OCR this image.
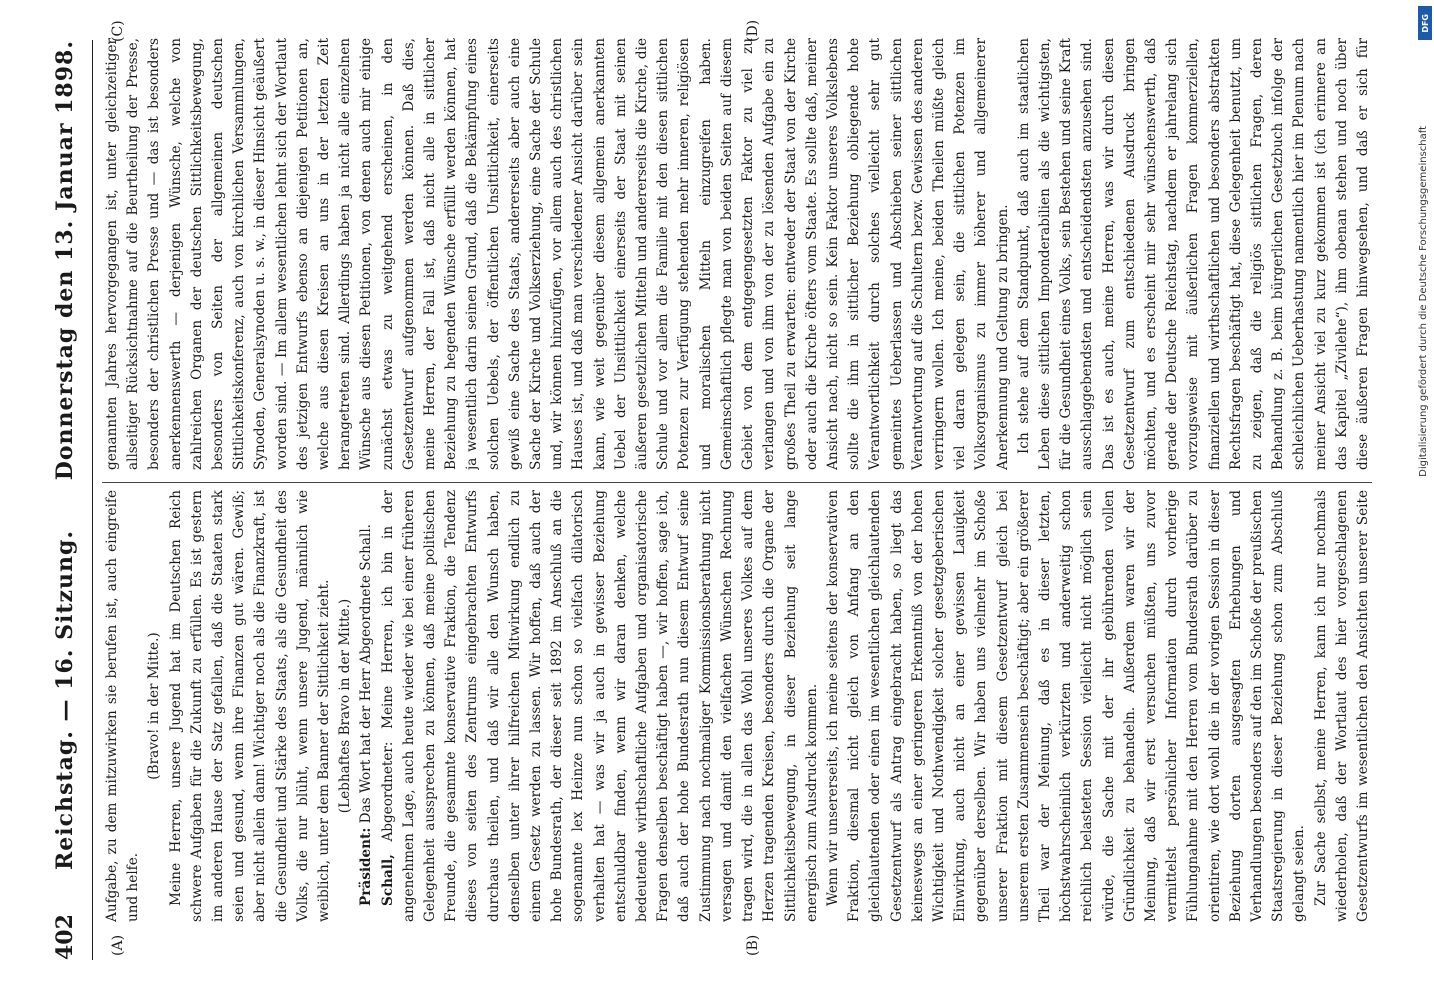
402
Reichstag. — 16. Sitzung.
Donnerstag den 13. Januar 1898.
(A)	(B)
(C)	(D)

Aufgabe, zu dem mitzuwirken sie berufen ist, auch eingreife und helfe.

(Bravo! in der Mitte.) Meine Herren, unsere Jugend hat im Deutschen Reich schwere Aufgaben für die Zukunft zu erfüllen. Es ist gestern im anderen Hause der Satz gefallen, daß die Staaten stark seien und gesund, wenn ihre Finanzen gut wären. Gewiß; aber nicht allein dann! Wichtiger noch als die Finanzkraft, ist die Gesundheit und Stärke des Staats, als die Gesundheit des Volks, die nur blüht, wenn unsere Jugend, männlich wie weiblich, unter dem Banner der Sittlichkeit zieht. (Lebhaftes Bravo in der Mitte.)

Präsident: Das Wort hat der Herr Abgeordnete Schall.

Schall, Abgeordneter: Meine Herren, ich bin in der angenehmen Lage, auch heute wieder wie bei einer früheren Gelegenheit aussprechen zu können, daß meine politischen Freunde, die gesammte konservative Fraktion, die Tendenz dieses von seiten des Zentrums eingebrachten Entwurfs durchaus theilen, und daß wir alle den Wunsch haben, denselben unter ihrer hilfreichen Mitwirkung endlich zu einem Gesetz werden zu lassen. Wir hoffen, daß auch der hohe Bundesrath, der dieser seit 1892 im Anschluß an die sogenannte lex Heinze nun schon so vielfach dilatorisch verhalten hat — was wir ja auch in gewisser Beziehung entschuldbar finden, wenn wir daran denken, welche bedeutende wirthschaftliche Aufgaben und organisatorische Fragen denselben beschäftigt haben —, wir hoffen, sage ich, daß auch der hohe Bundesrath nun diesem Entwurf seine Zustimmung nach nochmaliger Kommissionsberathung nicht versagen und damit den vielfachen Wünschen Rechnung tragen wird, die in allen das Wohl unseres Volkes auf dem Herzen tragenden Kreisen, besonders durch die Organe der Sittlichkeitsbewegung, in dieser Beziehung seit lange energisch zum Ausdruck kommen. Wenn wir unsererseits, ich meine seitens der konservativen Fraktion, diesmal nicht gleich von Anfang an den gleichlautenden oder einen im wesentlichen gleichlautenden Gesetzentwurf als Antrag eingebracht haben, so liegt das keineswegs an einer geringeren Erkenntniß von der hohen Wichtigkeit und Nothwendigkeit solcher gesetzgeberischen Einwirkung, auch nicht an einer gewissen Lauigkeit gegenüber derselben. Wir haben uns vielmehr im Schoße unserer Fraktion mit diesem Gesetzentwurf gleich bei unserem ersten Zusammensein beschäftigt; aber ein größerer Theil war der Meinung, daß es in dieser letzten, höchstwahrscheinlich verkürzten und anderweitig schon reichlich belasteten Session vielleicht nicht möglich sein würde, die Sache mit der ihr gebührenden vollen Gründlichkeit zu behandeln. Außerdem waren wir der Meinung, daß wir erst versuchen müßten, uns zuvor vermittelst persönlicher Information durch vorherige Fühlungnahme mit den Herren vom Bundesrath darüber zu orientiren, wie dort wohl die in der vorigen Session in dieser Beziehung dorten ausgesagten Erhebungen und Verhandlungen besonders auf den im Schoße der preußischen Staatsregierung in dieser Beziehung schon zum Abschluß gelangt seien. Zur Sache selbst, meine Herren, kann ich nur nochmals wiederholen, daß der Wortlaut des hier vorgeschlagenen Gesetzentwurfs im wesentlichen den Ansichten unserer Seite

genannten Jahres hervorgegangen ist, unter gleichzeitiger allseitiger Rücksichtnahme auf die Beurtheilung der Presse, besonders der christlichen Presse und — das ist besonders anerkennenswerth — derjenigen Wünsche, welche von zahlreichen Organen der deutschen Sittlichkeitsbewegung, besonders von Seiten der allgemeinen deutschen Sittlichkeitskonferenz, auch von kirchlichen Versammlungen, Synoden, Generalsynoden u. s. w., in dieser Hinsicht geäußert worden sind. — Im allem wesentlichen lehnt sich der Wortlaut des jetzigen Entwurfs ebenso an diejenigen Petitionen an, welche aus diesen Kreisen an uns in der letzten Zeit herangetreten sind. Allerdings haben ja nicht alle einzelnen Wünsche aus diesen Petitionen, von denen auch mir einige zunächst etwas zu weitgehend erscheinen, in den Gesetzentwurf aufgenommen werden können. Daß dies, meine Herren, der Fall ist, daß nicht alle in sittlicher Beziehung zu hegenden Wünsche erfüllt werden können, hat ja wesentlich darin seinen Grund, daß die Bekämpfung eines solchen Uebels, der öffentlichen Unsittlichkeit, einerseits gewiß eine Sache des Staats, andererseits aber auch eine Sache der Kirche und Volkserziehung, eine Sache der Schule und, wir können hinzufügen, vor allem auch des christlichen Hauses ist, und daß man verschiedener Ansicht darüber sein kann, wie weit gegenüber diesem allgemein anerkannten Uebel der Unsittlichkeit einerseits der Staat mit seinen äußeren gesetzlichen Mitteln und andererseits die Kirche, die Schule und vor allem die Familie mit den diesen sittlichen Potenzen zur Verfügung stehenden mehr inneren, religiösen und moralischen Mitteln einzugreifen haben. Gemeinschaftlich pflegte man von beiden Seiten auf diesem Gebiet von dem entgegengesetzten Faktor zu viel zu verlangen und von ihm von der zu lösenden Aufgabe ein zu großes Theil zu erwarten: entweder der Staat von der Kirche oder auch die Kirche öfters vom Staate. Es sollte daß, meiner Ansicht nach, nicht so sein. Kein Faktor unseres Volkslebens sollte die ihm in sittlicher Beziehung obliegende hohe Verantwortlichkeit durch solches vielleicht sehr gut gemeintes Ueberlassen und Abschieben seiner sittlichen Verantwortung auf die Schultern bezw. Gewissen des anderen verringern wollen. Ich meine, beiden Theilen müßte gleich viel daran gelegen sein, die sittlichen Potenzen im Volksorganismus zu immer höherer und allgemeinerer Anerkennung und Geltung zu bringen. Ich stehe auf dem Standpunkt, daß auch im staatlichen Leben diese sittlichen Imponderabilien als die wichtigsten, für die Gesundheit eines Volks, sein Bestehen und seine Kraft ausschlaggebendsten und entscheidendsten anzusehen sind. Das ist es auch, meine Herren, was wir durch diesen Gesetzentwurf zum entschiedenen Ausdruck bringen möchten, und es erscheint mir sehr wünschenswerth, daß gerade der Deutsche Reichstag, nachdem er jahrelang sich vorzugsweise mit äußerlichen Fragen kommerziellen, finanziellen und wirthschaftlichen und besonders abstrakten Rechtsfragen beschäftigt hat, diese Gelegenheit benutzt, um zu zeigen, daß die religiös sittlichen Fragen, deren Behandlung z. B. beim bürgerlichen Gesetzbuch infolge der schleichlichen Ueberhastung namentlich hier im Plenum nach meiner Ansicht viel zu kurz gekommen ist (ich erinnere an das Kapitel „Zivilehe“), ihm obenan stehen und noch über diese äußeren Fragen hinwegsehen, und daß er sich für

DFG
Digitalisierung gefördert durch die Deutsche Forschungsgemeinschaft
